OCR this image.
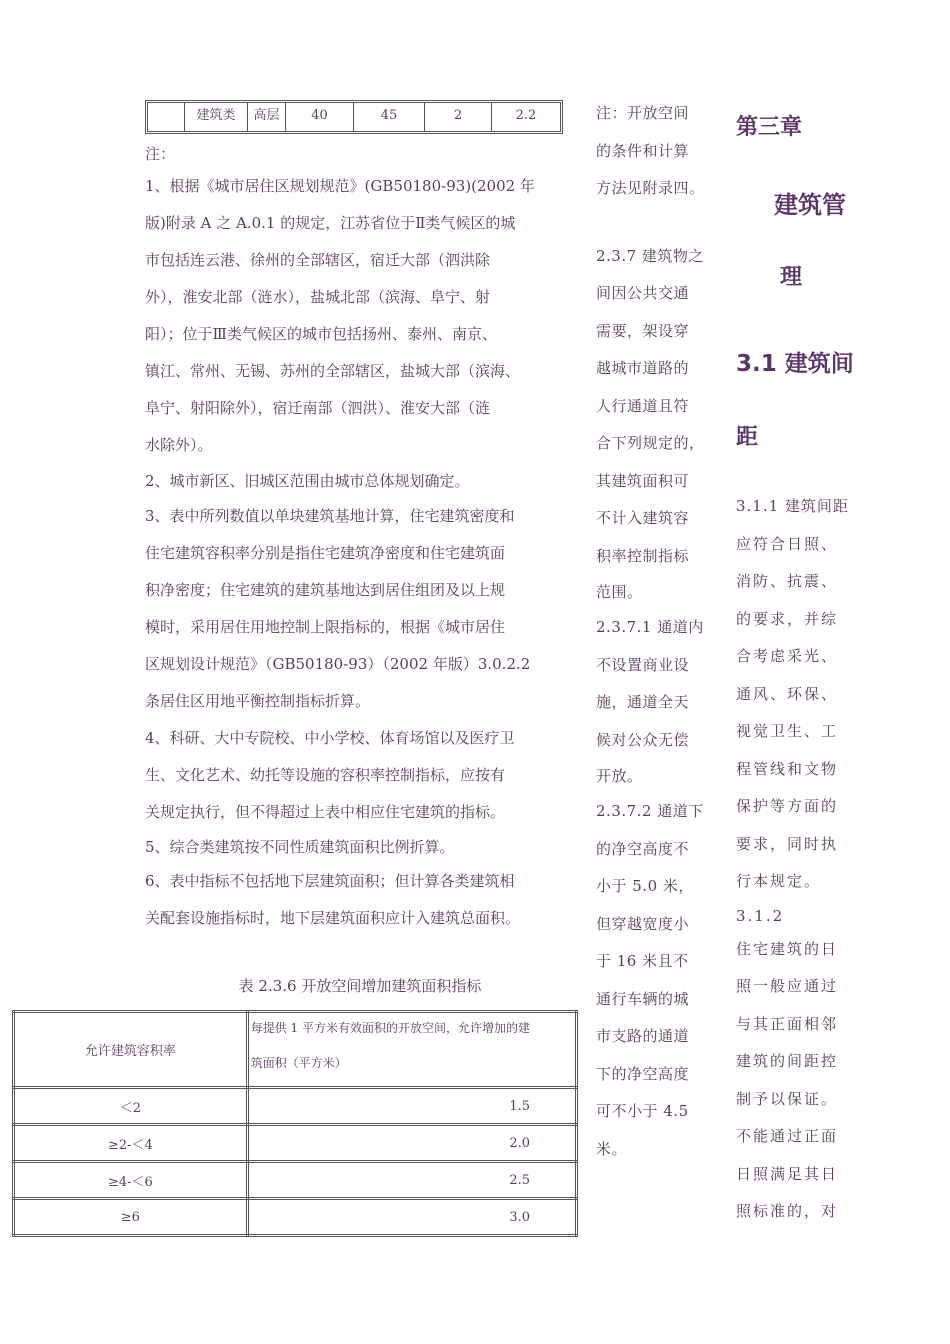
建筑类	高层	40	45	2	2.2
注：
1、根据《城市居住区规划规范》(GB50180-93)(2002 年
版)附录 A 之 A.0.1 的规定，江苏省位于Ⅱ类气候区的城
市包括连云港、徐州的全部辖区，宿迁大部（泗洪除
外），淮安北部（涟水），盐城北部（滨海、阜宁、射
阳）；位于Ⅲ类气候区的城市包括扬州、泰州、南京、
镇江、常州、无锡、苏州的全部辖区，盐城大部（滨海、
阜宁、射阳除外），宿迁南部（泗洪）、淮安大部（涟
水除外）。
2、城市新区、旧城区范围由城市总体规划确定。
3、表中所列数值以单块建筑基地计算，住宅建筑密度和
住宅建筑容积率分别是指住宅建筑净密度和住宅建筑面
积净密度；住宅建筑的建筑基地达到居住组团及以上规
模时，采用居住用地控制上限指标的，根据《城市居住
区规划设计规范》（GB50180-93）（2002 年版）3.0.2.2
条居住区用地平衡控制指标折算。
4、科研、大中专院校、中小学校、体育场馆以及医疗卫
生、文化艺术、幼托等设施的容积率控制指标，应按有
关规定执行，但不得超过上表中相应住宅建筑的指标。
5、综合类建筑按不同性质建筑面积比例折算。
6、表中指标不包括地下层建筑面积；但计算各类建筑相
关配套设施指标时，地下层建筑面积应计入建筑总面积。
表 2.3.6 开放空间增加建筑面积指标
允许建筑容积率	每提供 1 平方米有效面积的开放空间，允许增加的建
筑面积（平方米）

＜2	1.5
≥2-＜4	2.0
≥4-＜6	2.5
≥6	3.0
注：开放空间
的条件和计算
方法见附录四。
2.3.7 建筑物之
间因公共交通
需要，架设穿
越城市道路的
人行通道且符
合下列规定的，
其建筑面积可
不计入建筑容
积率控制指标
范围。
2.3.7.1 通道内
不设置商业设
施，通道全天
候对公众无偿
开放。
2.3.7.2 通道下
的净空高度不
小于 5.0 米，
但穿越宽度小
于 16 米且不
通行车辆的城
市支路的通道
下的净空高度
可不小于 4.5
米。
第三章
建筑管
理
3.1 建筑间
距
3.1.1 建筑间距
应符合日照、
消防、抗震、
的要求，并综
合考虑采光、
通风、环保、
视觉卫生、工
程管线和文物
保护等方面的
要求，同时执
行本规定。
3.1.2
住宅建筑的日
照一般应通过
与其正面相邻
建筑的间距控
制予以保证。
不能通过正面
日照满足其日
照标准的，对
